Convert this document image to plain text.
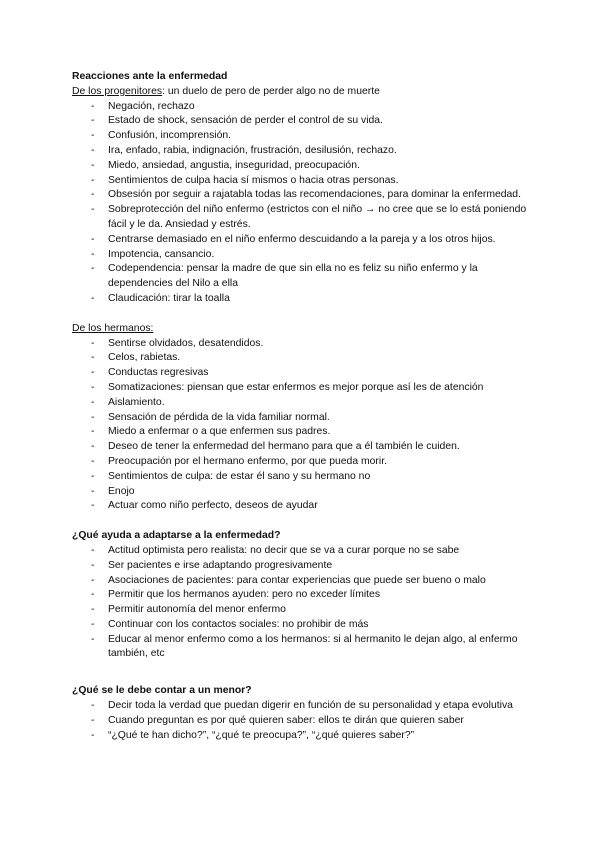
Reacciones ante la enfermedad

De los progenitores: un duelo de pero de perder algo no de muerte

- Negación, rechazo
- Estado de shock, sensación de perder el control de su vida.
- Confusión, incomprensión.
- Ira, enfado, rabia, indignación, frustración, desilusión, rechazo.
- Miedo, ansiedad, angustia, inseguridad, preocupación.
- Sentimientos de culpa hacia sí mismos o hacia otras personas.
- Obsesión por seguir a rajatabla todas las recomendaciones, para dominar la enfermedad.
- Sobreprotección del niño enfermo (estrictos con el niño → no cree que se lo está poniendo fácil y le da. Ansiedad y estrés.
- Centrarse demasiado en el niño enfermo descuidando a la pareja y a los otros hijos.
- Impotencia, cansancio.
- Codependencia: pensar la madre de que sin ella no es feliz su niño enfermo y la dependencies del Nilo a ella
- Claudicación: tirar la toalla

De los hermanos:

- Sentirse olvidados, desatendidos.
- Celos, rabietas.
- Conductas regresivas
- Somatizaciones: piensan que estar enfermos es mejor porque así les de atención
- Aislamiento.
- Sensación de pérdida de la vida familiar normal.
- Miedo a enfermar o a que enfermen sus padres.
- Deseo de tener la enfermedad del hermano para que a él también le cuiden.
- Preocupación por el hermano enfermo, por que pueda morir.
- Sentimientos de culpa: de estar él sano y su hermano no
- Enojo
- Actuar como niño perfecto, deseos de ayudar

¿Qué ayuda a adaptarse a la enfermedad?

- Actitud optimista pero realista: no decir que se va a curar porque no se sabe
- Ser pacientes e irse adaptando progresivamente
- Asociaciones de pacientes: para contar experiencias que puede ser bueno o malo
- Permitir que los hermanos ayuden: pero no exceder límites
- Permitir autonomía del menor enfermo
- Continuar con los contactos sociales: no prohibir de más
- Educar al menor enfermo como a los hermanos: si al hermanito le dejan algo, al enfermo también, etc

¿Qué se le debe contar a un menor?

- Decir toda la verdad que puedan digerir en función de su personalidad y etapa evolutiva
- Cuando preguntan es por qué quieren saber: ellos te dirán que quieren saber
- “¿Qué te han dicho?”, “¿qué te preocupa?”, “¿qué quieres saber?”
